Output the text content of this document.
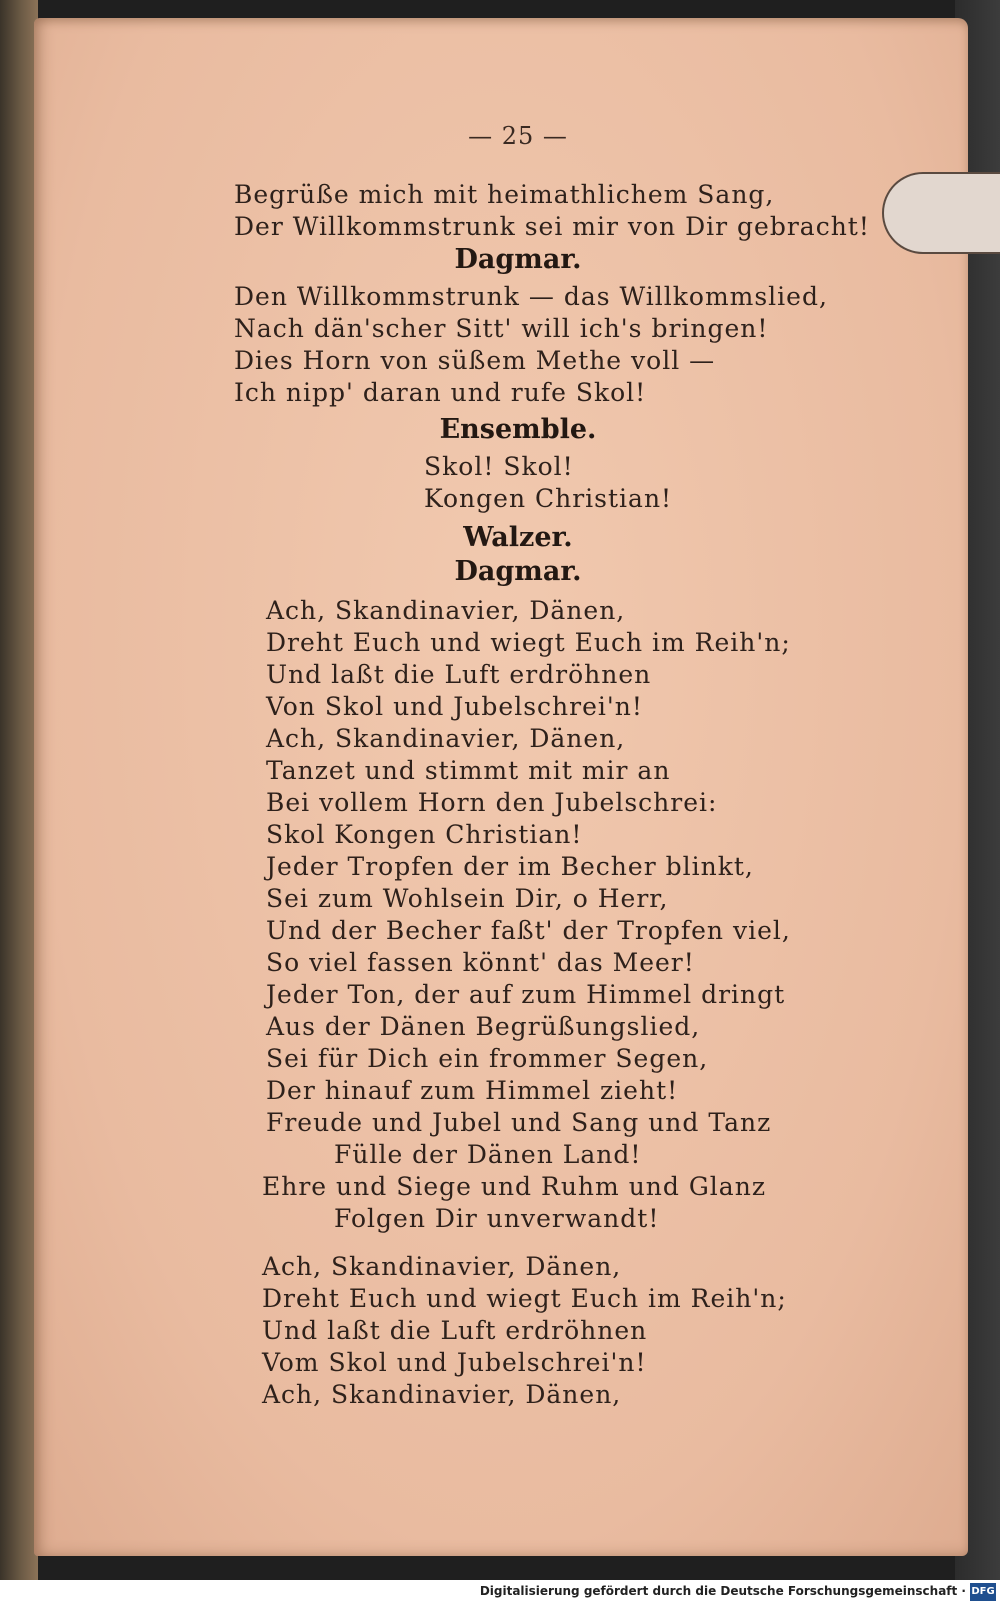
— 25 —
Begrüße mich mit heimathlichem Sang,
Der Willkommstrunk sei mir von Dir gebracht!
Dagmar.
Den Willkommstrunk — das Willkommslied,
Nach dän'scher Sitt' will ich's bringen!
Dies Horn von süßem Methe voll —
Ich nipp' daran und rufe Skol!
Ensemble.
Skol! Skol!
Kongen Christian!
Walzer.
Dagmar.
Ach, Skandinavier, Dänen,
Dreht Euch und wiegt Euch im Reih'n;
Und laßt die Luft erdröhnen
Von Skol und Jubelschrei'n!
Ach, Skandinavier, Dänen,
Tanzet und stimmt mit mir an
Bei vollem Horn den Jubelschrei:
Skol Kongen Christian!
Jeder Tropfen der im Becher blinkt,
Sei zum Wohlsein Dir, o Herr,
Und der Becher faßt' der Tropfen viel,
So viel fassen könnt' das Meer!
Jeder Ton, der auf zum Himmel dringt
Aus der Dänen Begrüßungslied,
Sei für Dich ein frommer Segen,
Der hinauf zum Himmel zieht!
Freude und Jubel und Sang und Tanz
Fülle der Dänen Land!
Ehre und Siege und Ruhm und Glanz
Folgen Dir unverwandt!
Ach, Skandinavier, Dänen,
Dreht Euch und wiegt Euch im Reih'n;
Und laßt die Luft erdröhnen
Vom Skol und Jubelschrei'n!
Ach, Skandinavier, Dänen,
Digitalisierung gefördert durch die Deutsche Forschungsgemeinschaft · DFG
